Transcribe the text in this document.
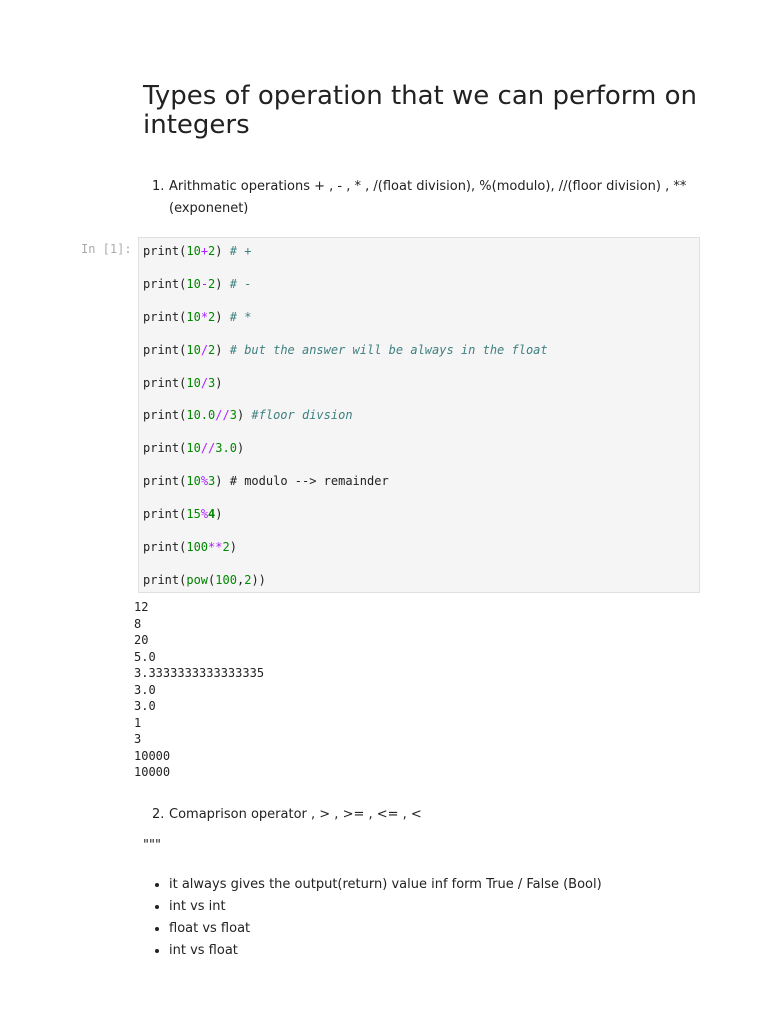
Types of operation that we can perform on integers
1. Arithmatic operations + , - , * , /(float division), %(modulo), //(floor division) , **(exponenet)
In [1]: print(10+2) # +
print(10-2) # -
print(10*2) # *
print(10/2) # but the answer will be always in the float
print(10/3)
print(10.0//3) #floor divsion
print(10//3.0)
print(10%3) # modulo --> remainder
print(15%4)
print(100**2)
print(pow(100,2))
12
8
20
5.0
3.3333333333333335
3.0
3.0
1
3
10000
10000
2. Comaprison operator , > , >= , <= , <
"""
• it always gives the output(return) value inf form True / False (Bool)
• int vs int
• float vs float
• int vs float
